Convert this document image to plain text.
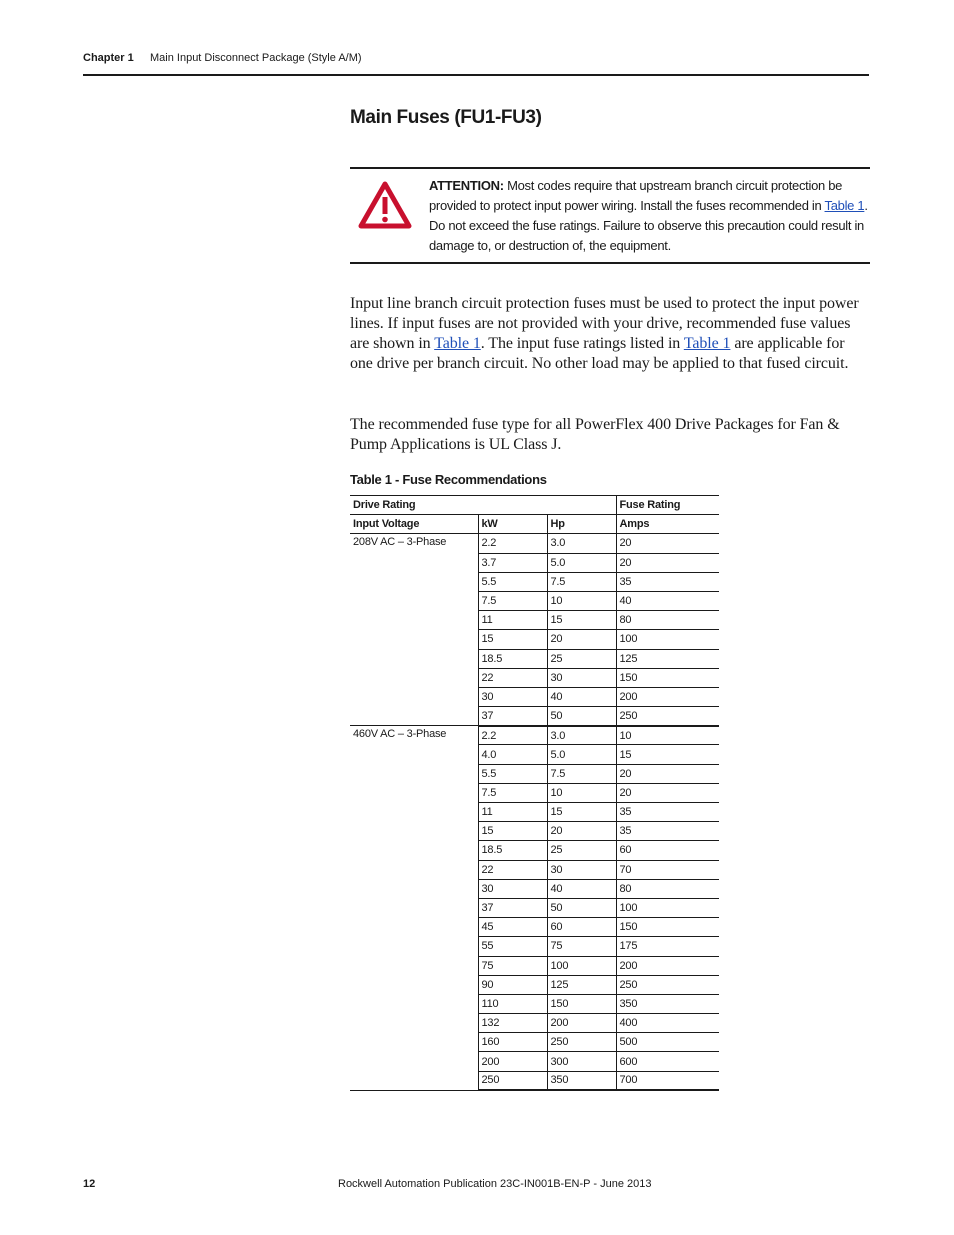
Chapter 1 Main Input Disconnect Package (Style A/M)
Main Fuses (FU1-FU3)
ATTENTION: Most codes require that upstream branch circuit protection be provided to protect input power wiring. Install the fuses recommended in Table 1. Do not exceed the fuse ratings. Failure to observe this precaution could result in damage to, or destruction of, the equipment.
Input line branch circuit protection fuses must be used to protect the input power lines. If input fuses are not provided with your drive, recommended fuse values are shown in Table 1. The input fuse ratings listed in Table 1 are applicable for one drive per branch circuit. No other load may be applied to that fused circuit.
The recommended fuse type for all PowerFlex 400 Drive Packages for Fan & Pump Applications is UL Class J.
Table 1 - Fuse Recommendations
Drive Rating			Fuse Rating
Input Voltage	kW	Hp	Amps
208V AC – 3-Phase	2.2	3.0	20
	3.7	5.0	20
	5.5	7.5	35
	7.5	10	40
	11	15	80
	15	20	100
	18.5	25	125
	22	30	150
	30	40	200
	37	50	250
460V AC – 3-Phase	2.2	3.0	10
	4.0	5.0	15
	5.5	7.5	20
	7.5	10	20
	11	15	35
	15	20	35
	18.5	25	60
	22	30	70
	30	40	80
	37	50	100
	45	60	150
	55	75	175
	75	100	200
	90	125	250
	110	150	350
	132	200	400
	160	250	500
	200	300	600
	250	350	700
12	Rockwell Automation Publication 23C-IN001B-EN-P - June 2013
